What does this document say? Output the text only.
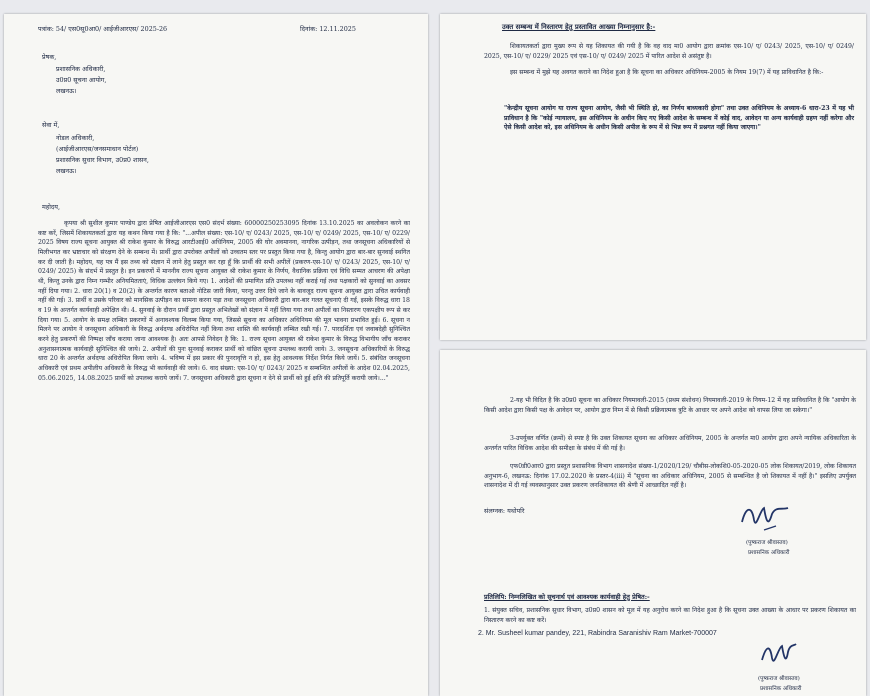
पत्रांक: 54/ एस0सू0आ0/ आईजीआरएस/ 2025-26	दिनांक: 12.11.2025
प्रेषक,
प्रशासनिक अधिकारी,
उ0प्र0 सूचना आयोग,
लखनऊ।
सेवा में,
नोडल अधिकारी,
(आईजीआरएस/जनसमाधान पोर्टल)
प्रशासनिक सुधार विभाग, उ0प्र0 शासन,
लखनऊ।
महोदय,
कृपया श्री सुशील कुमार पाण्डेय द्वारा प्रेषित आईजीआरएस एस0 संदर्भ संख्या: 60000250253095 दिनांक 13.10.2025 का अवलोकन करने का कष्ट करें, जिसमें शिकायतकर्ता द्वारा यह कथन किया गया है कि: "...अपील संख्या: एस-10/ ए/ 0243/ 2025, एस-10/ ए/ 0249/ 2025, एस-10/ ए/ 0229/ 2025 विषय राज्य सूचना आयुक्त श्री राकेश कुमार के विरुद्ध आरटीआई0 अधिनियम, 2005 की घोर अवमानना, नागरिक उत्पीड़न, तथा जनसूचना अधिकारियों से मिलीभगत कर भ्रष्टाचार को संरक्षण देने के सम्बन्ध में। प्रार्थी द्वारा उपरोक्त अपीलों को उच्चतम स्तर पर प्रस्तुत किया गया है, किन्तु आयोग द्वारा बार-बार सुनवाई स्थगित कर दी जाती है। महोदय, यह पत्र मैं इस तथ्य को संज्ञान में लाने हेतु प्रस्तुत कर रहा हूँ कि प्रार्थी की सभी अपीलें (प्रकरण-एस-10/ ए/ 0243/ 2025, एस-10/ ए/ 0249/ 2025) के संदर्भ में प्रस्तुत है। इन प्रकरणों में माननीय राज्य सूचना आयुक्त श्री राकेश कुमार के निर्णय, वैधानिक प्रक्रिया एवं विधि सम्मत आचरण की अपेक्षा थी, किन्तु उनके द्वारा निम्न गम्भीर अनियमितताएं, विधिक उल्लंघन किये गए। 1. आदेशों की प्रमाणित प्रति उपलब्ध नहीं कराई गई तथा पक्षकारों को सुनवाई का अवसर नहीं दिया गया। 2. धारा 20(1) व 20(2) के अन्तर्गत कारण बताओ नोटिस जारी किया, परन्तु उत्तर दिये जाने के बावजूद राज्य सूचना आयुक्त द्वारा उचित कार्यवाही नहीं की गई। 3. प्रार्थी व उसके परिवार को मानसिक उत्पीड़न का सामना करना पड़ा तथा जनसूचना अधिकारी द्वारा बार-बार गलत सूचनाएं दी गईं, इसके विरुद्ध धारा 18 व 19 के अन्तर्गत कार्यवाही अपेक्षित थी। 4. सुनवाई के दौरान प्रार्थी द्वारा प्रस्तुत अभिलेखों को संज्ञान में नहीं लिया गया तथा अपीलों का निस्तारण एकपक्षीय रूप से कर दिया गया। 5. आयोग के समक्ष लम्बित प्रकरणों में अनावश्यक विलम्ब किया गया, जिससे सूचना का अधिकार अधिनियम की मूल भावना प्रभावित हुई। 6. सूचना न मिलने पर आयोग ने जनसूचना अधिकारी के विरुद्ध अर्थदण्ड अधिरोपित नहीं किया तथा शास्ति की कार्यवाही लम्बित रखी गई। 7. पारदर्शिता एवं जवाबदेही सुनिश्चित करने हेतु प्रकरणों की निष्पक्ष जाँच कराया जाना आवश्यक है। अतः आपसे निवेदन है कि: 1. राज्य सूचना आयुक्त श्री राकेश कुमार के विरुद्ध विभागीय जाँच कराकर अनुशासनात्मक कार्यवाही सुनिश्चित की जाये। 2. अपीलों की पुनः सुनवाई कराकर प्रार्थी को वांछित सूचना उपलब्ध करायी जाये। 3. जनसूचना अधिकारियों के विरुद्ध धारा 20 के अन्तर्गत अर्थदण्ड अधिरोपित किया जाये। 4. भविष्य में इस प्रकार की पुनरावृत्ति न हो, इस हेतु आवश्यक निर्देश निर्गत किये जायें। 5. संबंधित जनसूचना अधिकारी एवं प्रथम अपीलीय अधिकारी के विरुद्ध भी कार्यवाही की जाये। 6. वाद संख्या: एस-10/ ए/ 0243/ 2025 व सम्बन्धित अपीलों के आदेश 02.04.2025, 05.06.2025, 14.08.2025 प्रार्थी को उपलब्ध कराये जायें। 7. जनसूचना अधिकारी द्वारा सूचना न देने से प्रार्थी को हुई क्षति की प्रतिपूर्ति करायी जाये।..."
उक्त सम्बन्ध में निस्तारण हेतु प्रस्तावित आख्या निम्नानुसार है:-
शिकायतकर्ता द्वारा मुख्य रूप से यह शिकायत की गयी है कि वह वाद मा0 आयोग द्वारा क्रमांक एस-10/ ए/ 0243/ 2025, एस-10/ ए/ 0249/ 2025, एस-10/ ए/ 0229/ 2025 एवं एस-10/ ए/ 0249/ 2025 में पारित आदेश से असंतुष्ट है।
इस सम्बन्ध में मुझे यह अवगत कराने का निदेश हुआ है कि सूचना का अधिकार अधिनियम-2005 के नियम 19(7) में यह प्राविधानित है कि:-
"केन्द्रीय सूचना आयोग या राज्य सूचना आयोग, जैसी भी स्थिति हो, का निर्णय बाध्यकारी होगा" तथा उक्त अधिनियम के अध्याय-6 धारा-23 में यह भी प्राविधान है कि "कोई न्यायालय, इस अधिनियम के अधीन किए गए किसी आदेश के सम्बन्ध में कोई वाद, आवेदन या अन्य कार्यवाही ग्रहण नहीं करेगा और ऐसे किसी आदेश को, इस अधिनियम के अधीन किसी अपील के रूप में से भिन्न रूप में प्रश्नगत नहीं किया जाएगा।"
2-यह भी विदित है कि उ0प्र0 सूचना का अधिकार नियमावली-2015 (प्रथम संशोधन) नियमावली-2019 के नियम-12 में यह प्राविधानित है कि "आयोग के किसी आदेश द्वारा किसी पक्ष के आवेदन पर, आयोग द्वारा निम्न में से किसी प्रक्रियात्मक त्रुटि के आधार पर अपने आदेश को वापस लिया जा सकेगा।"
3-उपर्युक्त वर्णित (क्रमों) से स्पष्ट है कि उक्त शिकायत सूचना का अधिकार अधिनियम, 2005 के अन्तर्गत मा0 आयोग द्वारा अपने न्यायिक अधिकारिता के अन्तर्गत पारित विधिक आदेश की समीक्षा के संबंध में की गई है।
एफ0डी0आर0 द्वारा प्रस्तुत प्रशासनिक विभाग शासनादेश संख्या-1/2020/129/ चौबीस-लोकशि0-05-2020-05 लोक शिकायत/2019, लोक शिकायत अनुभाग-6, लखनऊ: दिनांक 17.02.2020 के प्रस्तर-4(iii) में "सूचना का अधिकार अधिनियम, 2005 से सम्बन्धित है जो शिकायत में नहीं है।" इसलिए उपर्युक्त शासनादेश में दी गई व्यवस्थानुसार उक्त प्रकरण जनशिकायत की श्रेणी में आच्छादित नहीं है।
संलग्नक: यथोपरि
(पुष्कराज श्रीवास्तव)
प्रशासनिक अधिकारी
प्रतिलिपि: निम्नलिखित को सूचनार्थ एवं आवश्यक कार्यवाही हेतु प्रेषित:-
1. संयुक्त सचिव, प्रशासनिक सुधार विभाग, उ0प्र0 शासन को मूल में यह अनुरोध करने का निदेश हुआ है कि सूचना उक्त आख्या के आधार पर प्रकरण शिकायत का निस्तारण करने का कष्ट करें।
2. Mr. Susheel kumar pandey, 221, Rabindra Saranishiv Ram Market-700007
(पुष्कराज श्रीवास्तव)
प्रशासनिक अधिकारी
